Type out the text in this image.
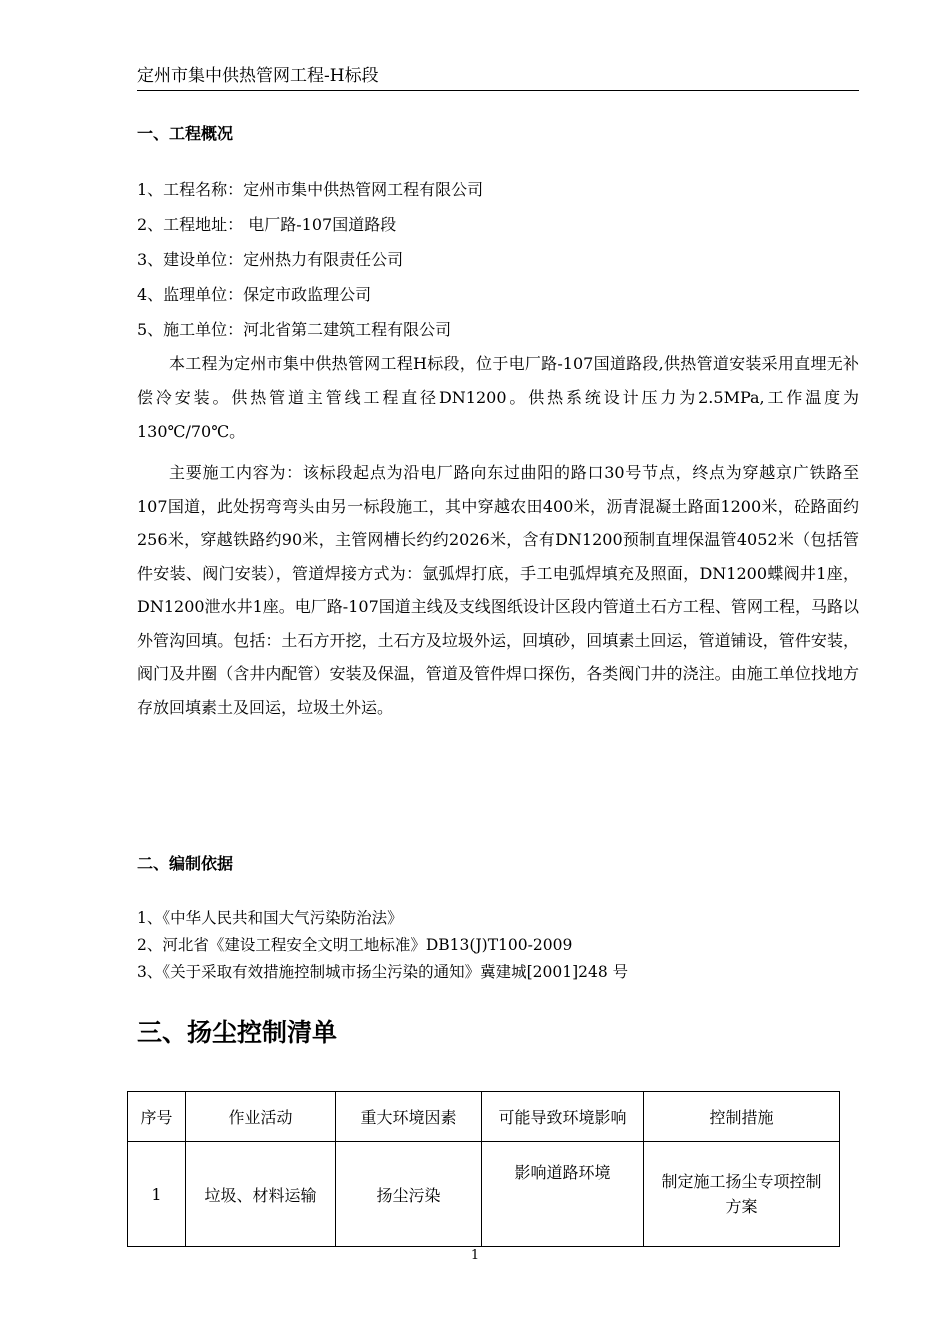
定州市集中供热管网工程-H标段
一、工程概况
1、工程名称：定州市集中供热管网工程有限公司
2、工程地址： 电厂路-107国道路段
3、建设单位：定州热力有限责任公司
4、监理单位：保定市政监理公司
5、施工单位：河北省第二建筑工程有限公司
本工程为定州市集中供热管网工程H标段，位于电厂路-107国道路段,供热管道安装采用直埋无补偿冷安装。供热管道主管线工程直径DN1200。供热系统设计压力为2.5MPa,工作温度为130℃/70℃。
主要施工内容为：该标段起点为沿电厂路向东过曲阳的路口30号节点，终点为穿越京广铁路至107国道，此处拐弯弯头由另一标段施工，其中穿越农田400米，沥青混凝土路面1200米，砼路面约256米，穿越铁路约90米，主管网槽长约约2026米，含有DN1200预制直埋保温管4052米（包括管件安装、阀门安装），管道焊接方式为：氩弧焊打底，手工电弧焊填充及照面，DN1200蝶阀井1座，DN1200泄水井1座。电厂路-107国道主线及支线图纸设计区段内管道土石方工程、管网工程，马路以外管沟回填。包括：土石方开挖，土石方及垃圾外运，回填砂，回填素土回运，管道铺设，管件安装，阀门及井圈（含井内配管）安装及保温，管道及管件焊口探伤，各类阀门井的浇注。由施工单位找地方存放回填素土及回运，垃圾土外运。
二、编制依据
1、《中华人民共和国大气污染防治法》
2、河北省《建设工程安全文明工地标准》DB13(J)T100-2009
3、《关于采取有效措施控制城市扬尘污染的通知》冀建城[2001]248 号
三、扬尘控制清单
序号	作业活动	重大环境因素	可能导致环境影响	控制措施
1	垃圾、材料运输	扬尘污染	影响道路环境	制定施工扬尘专项控制方案
1
